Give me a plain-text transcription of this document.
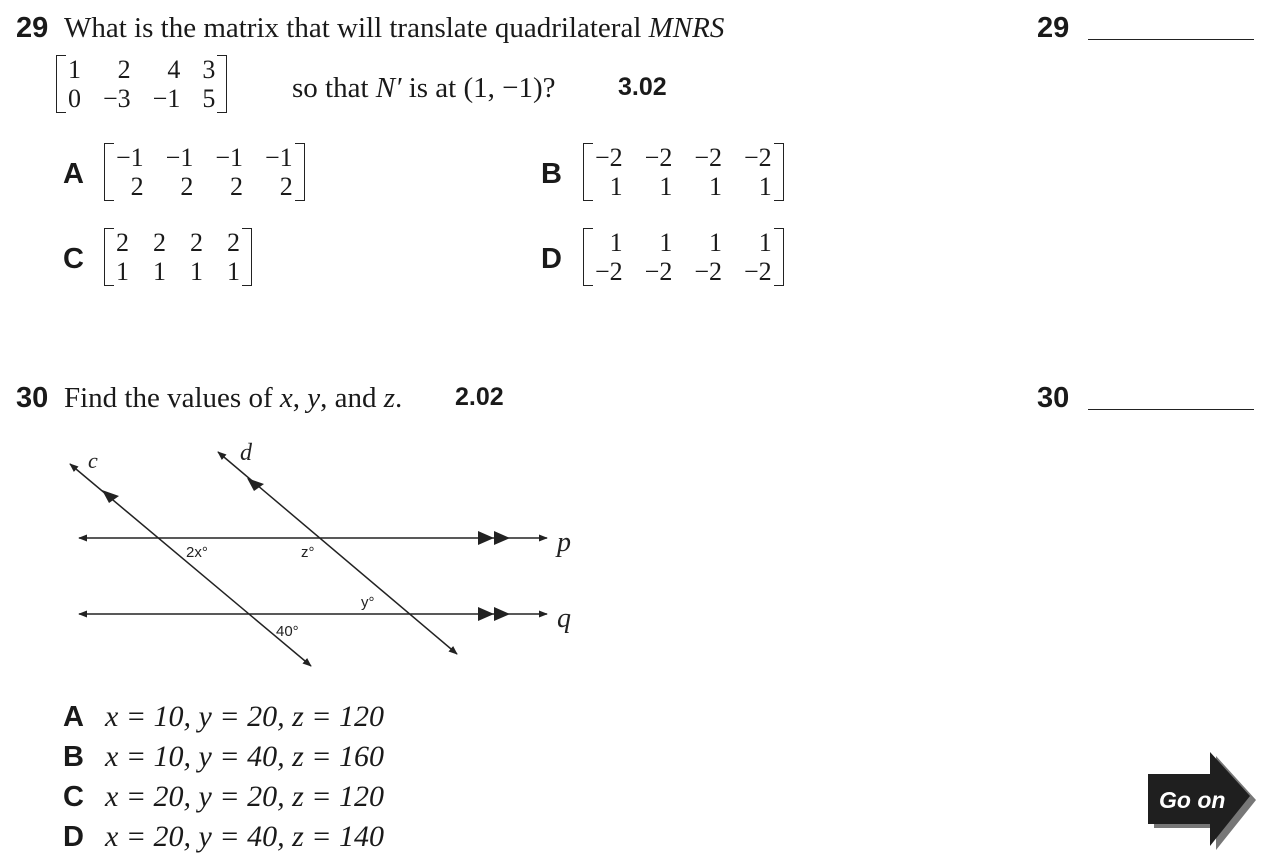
29 What is the matrix that will translate quadrilateral MNRS	29
1	2	4 3
0 −3 −1 5	so that N′ is at (1, −1)? 3.02
A
−1 −1 −1 −1
2	2	2	2	B
−2 −2 −2 −2
1	1	1	1
C
2 2 2 2
1 1 1 1	D
1	1	1	1
−2 −2 −2 −2
30 Find the values of x, y, and z. 2.02	30
c	d
p
q
2x°	z°
y°
40°
A x = 10, y = 20, z = 120
B x = 10, y = 40, z = 160
C x = 20, y = 20, z = 120
D x = 20, y = 40, z = 140
Go on
